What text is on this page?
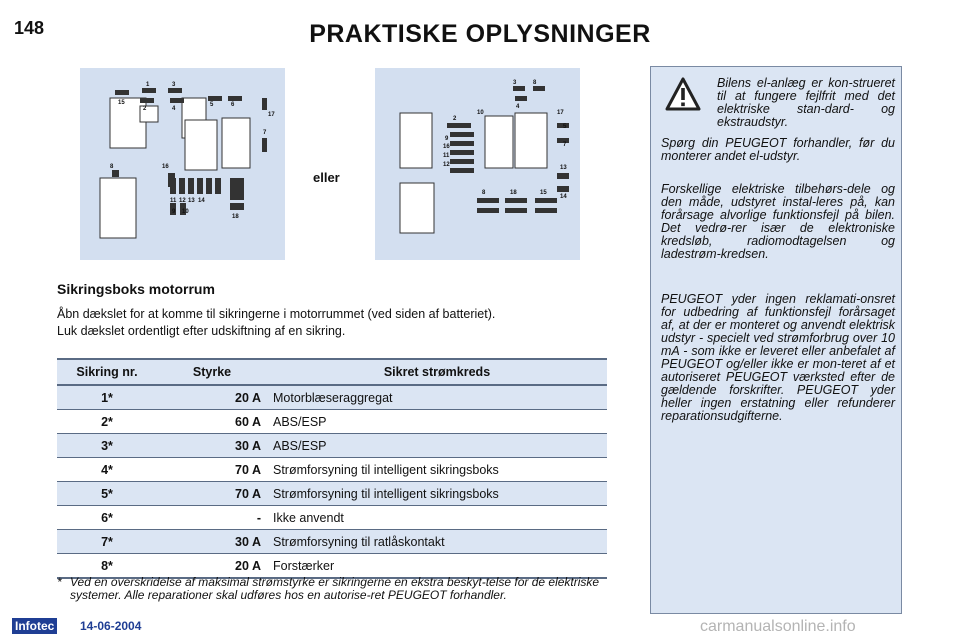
148	PRAKTISKE OPLYSNINGER
1	3
15
2	4
5	6
17
7
8	16
11 12 13 14
9 10
18
eller
3	8
4
10
2
17
9
5
7
16
11
12	13
8	18	15
14
Sikringsboks motorrum
Åbn dækslet for at komme til sikringerne i motorrummet (ved siden af batteriet).
Luk dækslet ordentligt efter udskiftning af en sikring.
Sikring nr.	Styrke	Sikret strømkreds
1*	20 A	Motorblæseraggregat
2*	60 A	ABS/ESP
3*	30 A	ABS/ESP
4*	70 A	Strømforsyning til intelligent sikringsboks
5*	70 A	Strømforsyning til intelligent sikringsboks
6*	-	Ikke anvendt
7*	30 A	Strømforsyning til ratlåskontakt
8*	20 A	Forstærker
* Ved en overskridelse af maksimal strømstyrke er sikringerne en ekstra beskyt-telse for de elektriske systemer. Alle reparationer skal udføres hos en autorise-ret PEUGEOT forhandler.
Bilens el-anlæg er kon-strueret til at fungere fejlfrit med det elektriske stan-dard- og ekstraudstyr.
Spørg din PEUGEOT forhandler, før du monterer andet el-udstyr.
Forskellige elektriske tilbehørs-dele og den måde, udstyret instal-leres på, kan forårsage alvorlige funktionsfejl på bilen. Det vedrø-rer især de elektroniske kredsløb, radiomodtagelsen og ladestrøm-kredsen.
PEUGEOT yder ingen reklamati-onsret for udbedring af funktionsfejl forårsaget af, at der er monteret og anvendt elektrisk udstyr - specielt ved strømforbrug over 10 mA - som ikke er leveret eller anbefalet af PEUGEOT og/eller ikke er mon-teret af et autoriseret PEUGEOT værksted efter de gældende forskrifter. PEUGEOT yder heller ingen erstatning eller refunderer reparationsudgifterne.
Infotec 14-06-2004	carmanualsonline.info
